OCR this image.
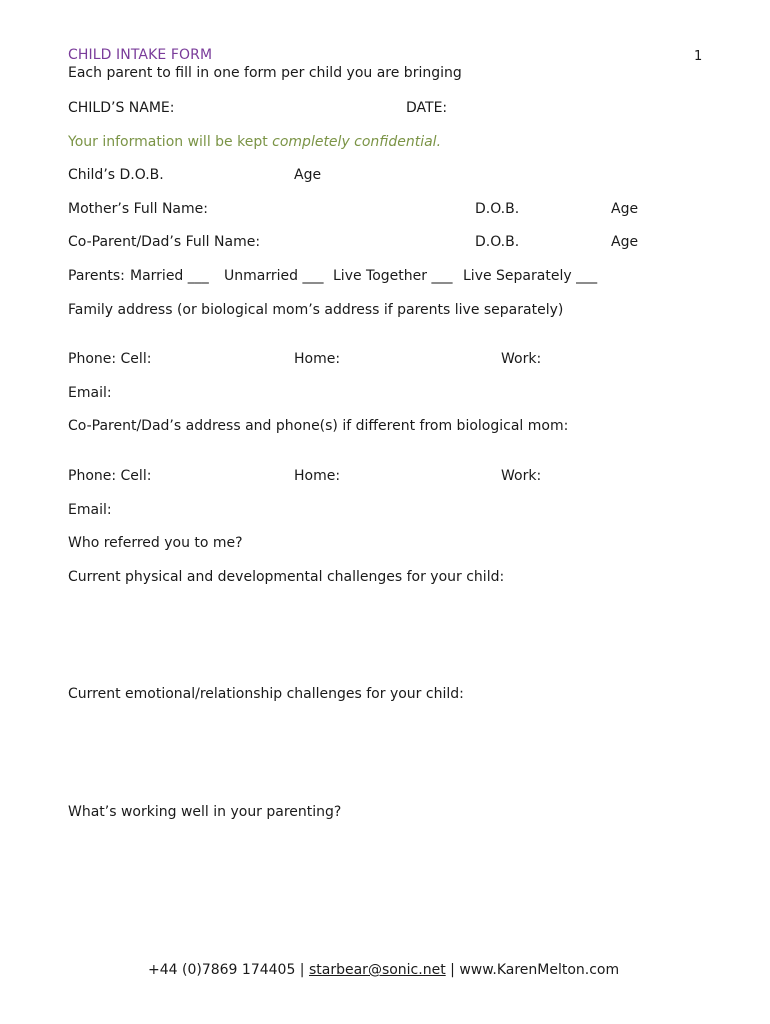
CHILD INTAKE FORM	1
Each parent to fill in one form per child you are bringing
CHILD’S NAME:	DATE:
Your information will be kept completely confidential.
Child’s D.O.B.	Age
Mother’s Full Name:	D.O.B.	Age
Co-Parent/Dad’s Full Name:	D.O.B.	Age
Parents: Married ___ Unmarried ___ Live Together ___ Live Separately ___
Family address (or biological mom’s address if parents live separately)
Phone: Cell:	Home:	Work:
Email:
Co-Parent/Dad’s address and phone(s) if different from biological mom:
Phone: Cell:	Home:	Work:
Email:
Who referred you to me?
Current physical and developmental challenges for your child:
Current emotional/relationship challenges for your child:
What’s working well in your parenting?
+44 (0)7869 174405 | starbear@sonic.net | www.KarenMelton.com
